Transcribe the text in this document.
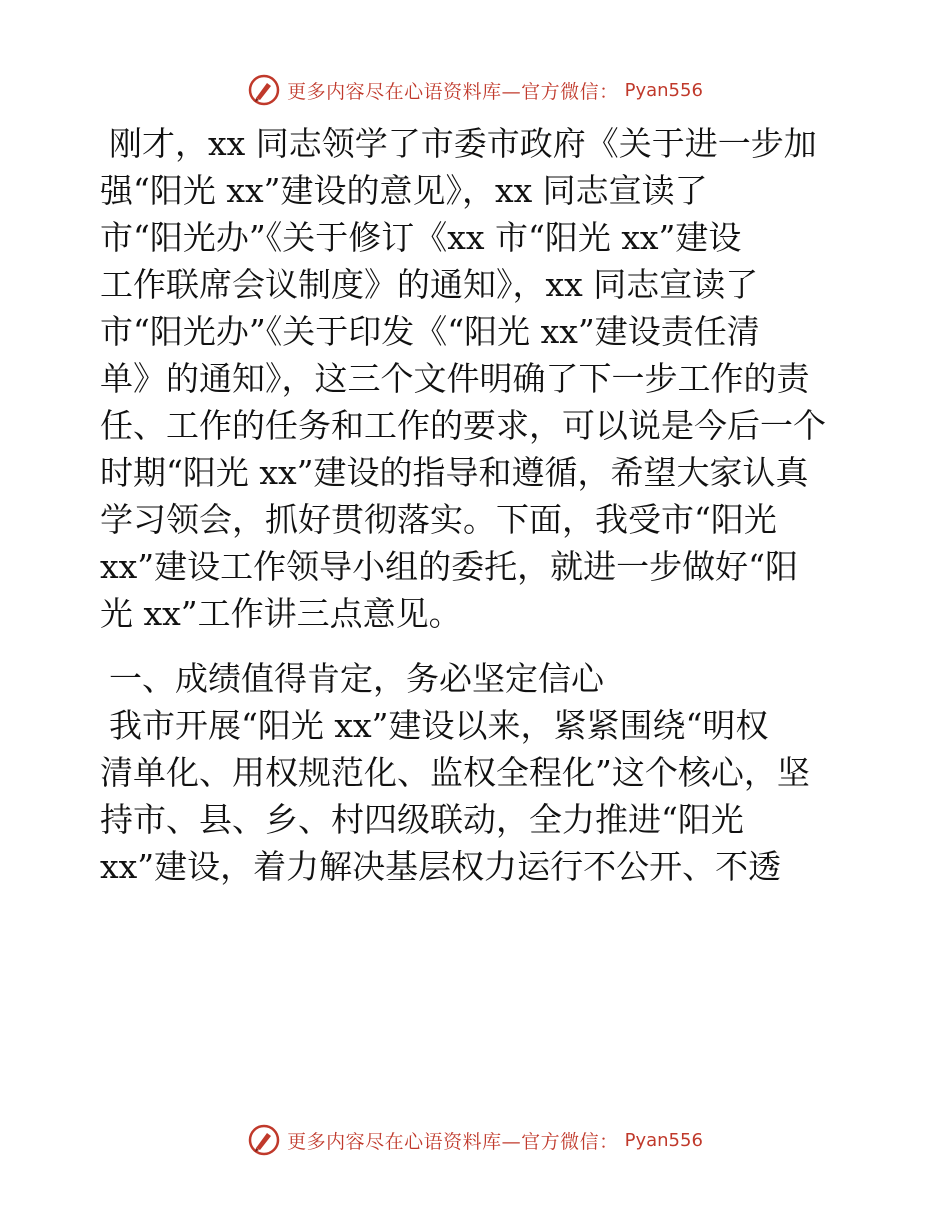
更多内容尽在心语资料库—官方微信： Pyan556
刚才，xx 同志领学了市委市政府《关于进一步加
强“阳光 xx”建设的意见》，xx 同志宣读了
市“阳光办”《关于修订《xx 市“阳光 xx”建设
工作联席会议制度》的通知》，xx 同志宣读了
市“阳光办”《关于印发《“阳光 xx”建设责任清
单》的通知》，这三个文件明确了下一步工作的责
任、工作的任务和工作的要求，可以说是今后一个
时期“阳光 xx”建设的指导和遵循，希望大家认真
学习领会，抓好贯彻落实。下面，我受市“阳光
xx”建设工作领导小组的委托，就进一步做好“阳
光 xx”工作讲三点意见。
一、成绩值得肯定，务必坚定信心
我市开展“阳光 xx”建设以来，紧紧围绕“明权
清单化、用权规范化、监权全程化”这个核心，坚
持市、县、乡、村四级联动，全力推进“阳光
xx”建设，着力解决基层权力运行不公开、不透
更多内容尽在心语资料库—官方微信： Pyan556
